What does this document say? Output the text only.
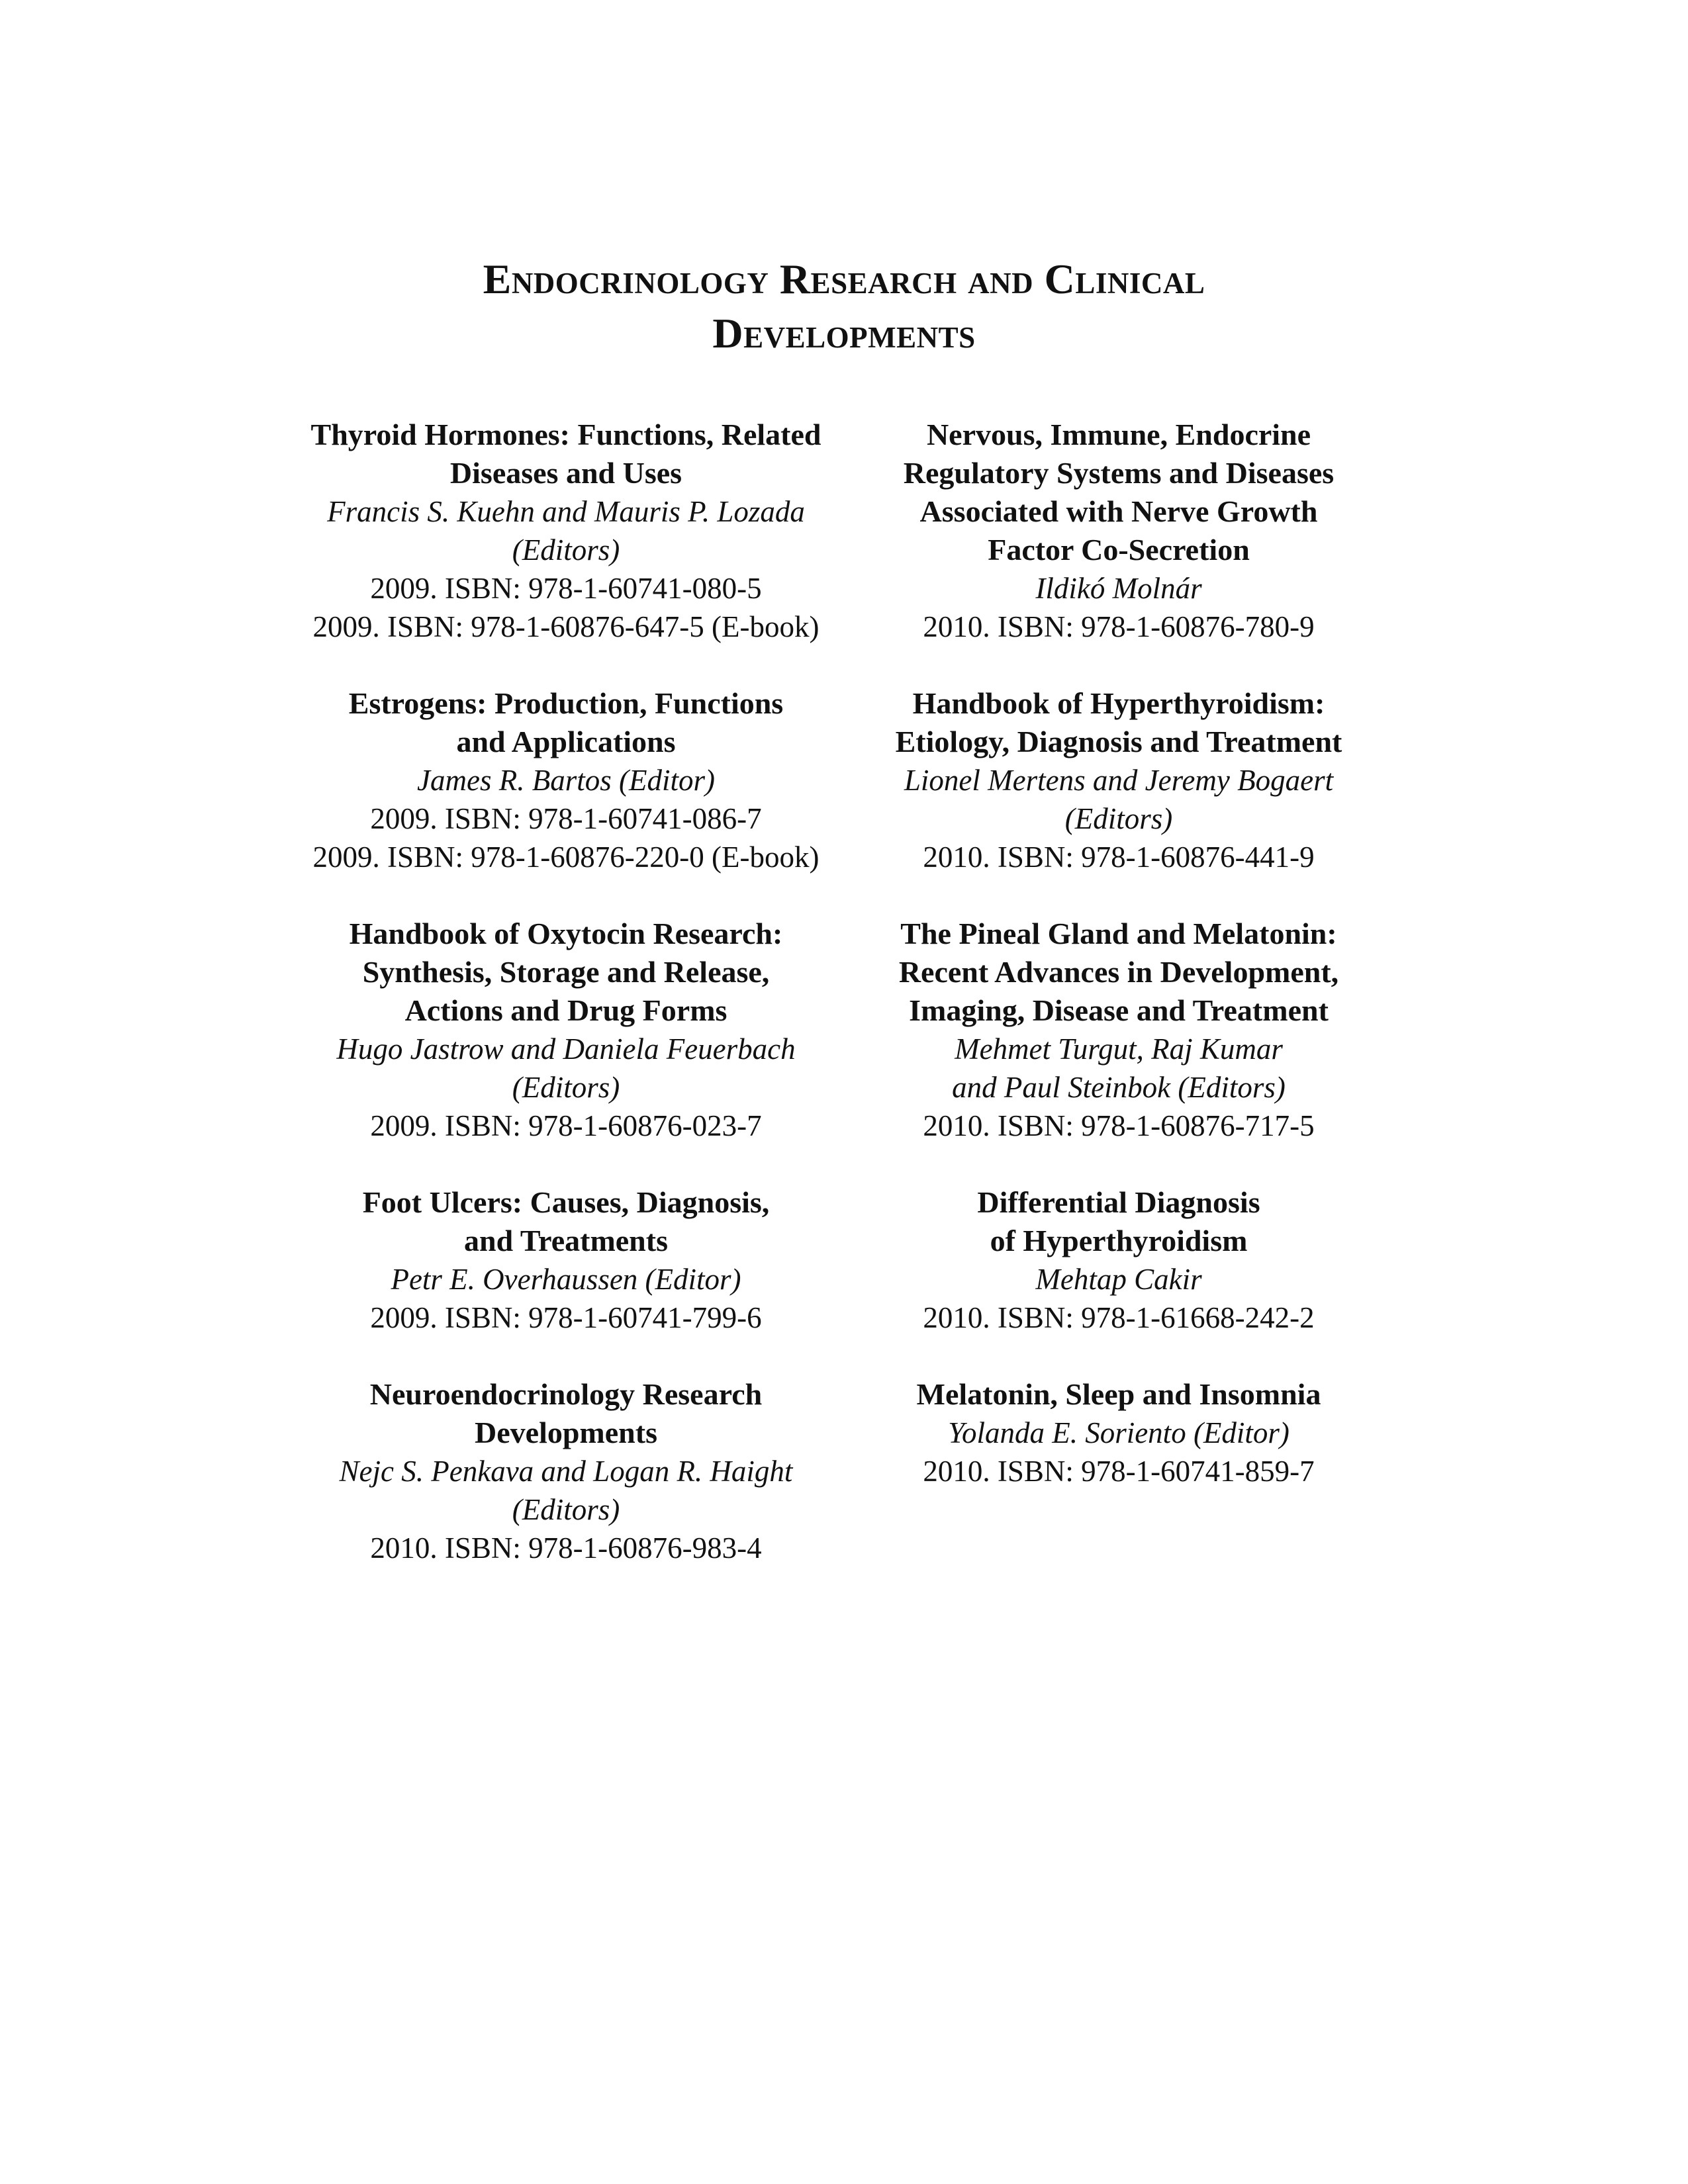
Endocrinology Research and Clinical
Developments
Thyroid Hormones: Functions, Related
Diseases and Uses
Francis S. Kuehn and Mauris P. Lozada
(Editors)
2009. ISBN: 978-1-60741-080-5
2009. ISBN: 978-1-60876-647-5 (E-book)
Estrogens: Production, Functions
and Applications
James R. Bartos (Editor)
2009. ISBN: 978-1-60741-086-7
2009. ISBN: 978-1-60876-220-0 (E-book)
Handbook of Oxytocin Research:
Synthesis, Storage and Release,
Actions and Drug Forms
Hugo Jastrow and Daniela Feuerbach
(Editors)
2009. ISBN: 978-1-60876-023-7
Foot Ulcers: Causes, Diagnosis,
and Treatments
Petr E. Overhaussen (Editor)
2009. ISBN: 978-1-60741-799-6
Neuroendocrinology Research
Developments
Nejc S. Penkava and Logan R. Haight
(Editors)
2010. ISBN: 978-1-60876-983-4
Nervous, Immune, Endocrine
Regulatory Systems and Diseases
Associated with Nerve Growth
Factor Co-Secretion
Ildikó Molnár
2010. ISBN: 978-1-60876-780-9
Handbook of Hyperthyroidism:
Etiology, Diagnosis and Treatment
Lionel Mertens and Jeremy Bogaert
(Editors)
2010. ISBN: 978-1-60876-441-9
The Pineal Gland and Melatonin:
Recent Advances in Development,
Imaging, Disease and Treatment
Mehmet Turgut, Raj Kumar
and Paul Steinbok (Editors)
2010. ISBN: 978-1-60876-717-5
Differential Diagnosis
of Hyperthyroidism
Mehtap Cakir
2010. ISBN: 978-1-61668-242-2
Melatonin, Sleep and Insomnia
Yolanda E. Soriento (Editor)
2010. ISBN: 978-1-60741-859-7
